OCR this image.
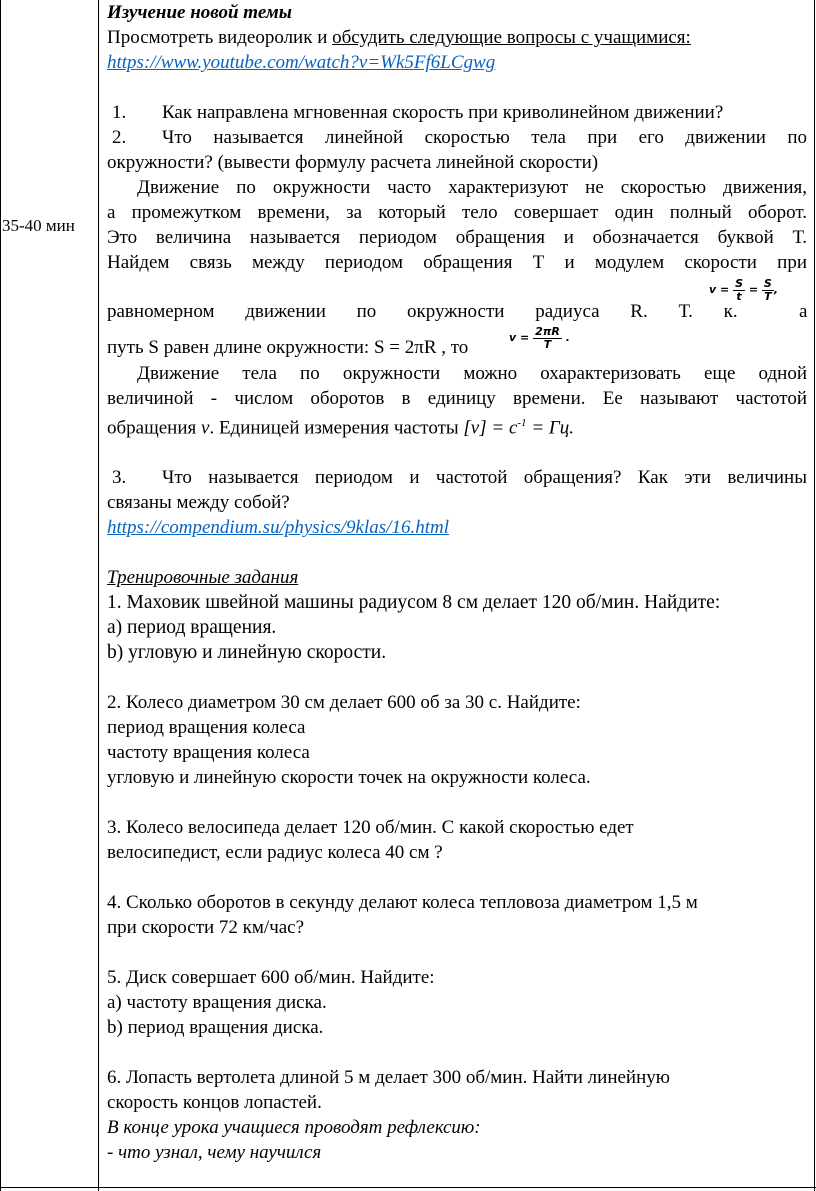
35-40 мин
Изучение новой темы
Просмотреть видеоролик и обсудить следующие вопросы с учащимися:
https://www.youtube.com/watch?v=Wk5Ff6LCgwg
1. Как направлена мгновенная скорость при криволинейном движении?
2. Что называется линейной скоростью тела при его движении по
окружности? (вывести формулу расчета линейной скорости)
Движение по окружности часто характеризуют не скоростью движения,
а промежутком времени, за который тело совершает один полный оборот.
Это величина называется периодом обращения и обозначается буквой Т.
Найдем связь между периодом обращения Т и модулем скорости при
равномерном движении по окружности радиуса R. Т. к.
$v = \frac{S}{t} = \frac{S}{T}$ ,
а
путь S равен длине окружности: S = 2πR , то	$v = \frac{2\pi R}{T}$ .
Движение тела по окружности можно охарактеризовать еще одной
величиной - числом оборотов в единицу времени. Ее называют частотой
обращения ν. Единицей измерения частоты $[\nu] = с^{-1}$ = Гц.
3. Что называется периодом и частотой обращения? Как эти величины
связаны между собой?
https://compendium.su/physics/9klas/16.html
Тренировочные задания
1. Маховик швейной машины радиусом 8 см делает 120 об/мин. Найдите:
a) период вращения.
b) угловую и линейную скорости.
2. Колесо диаметром 30 см делает 600 об за 30 с. Найдите:
период вращения колеса
частоту вращения колеса
угловую и линейную скорости точек на окружности колеса.
3. Колесо велосипеда делает 120 об/мин. С какой скоростью едет
велосипедист, если радиус колеса 40 см ?
4. Сколько оборотов в секунду делают колеса тепловоза диаметром 1,5 м
при скорости 72 км/час?
5. Диск совершает 600 об/мин. Найдите:
а) частоту вращения диска.
b) период вращения диска.
6. Лопасть вертолета длиной 5 м делает 300 об/мин. Найти линейную
скорость концов лопастей.
В конце урока учащиеся проводят рефлексию:
- что узнал, чему научился
